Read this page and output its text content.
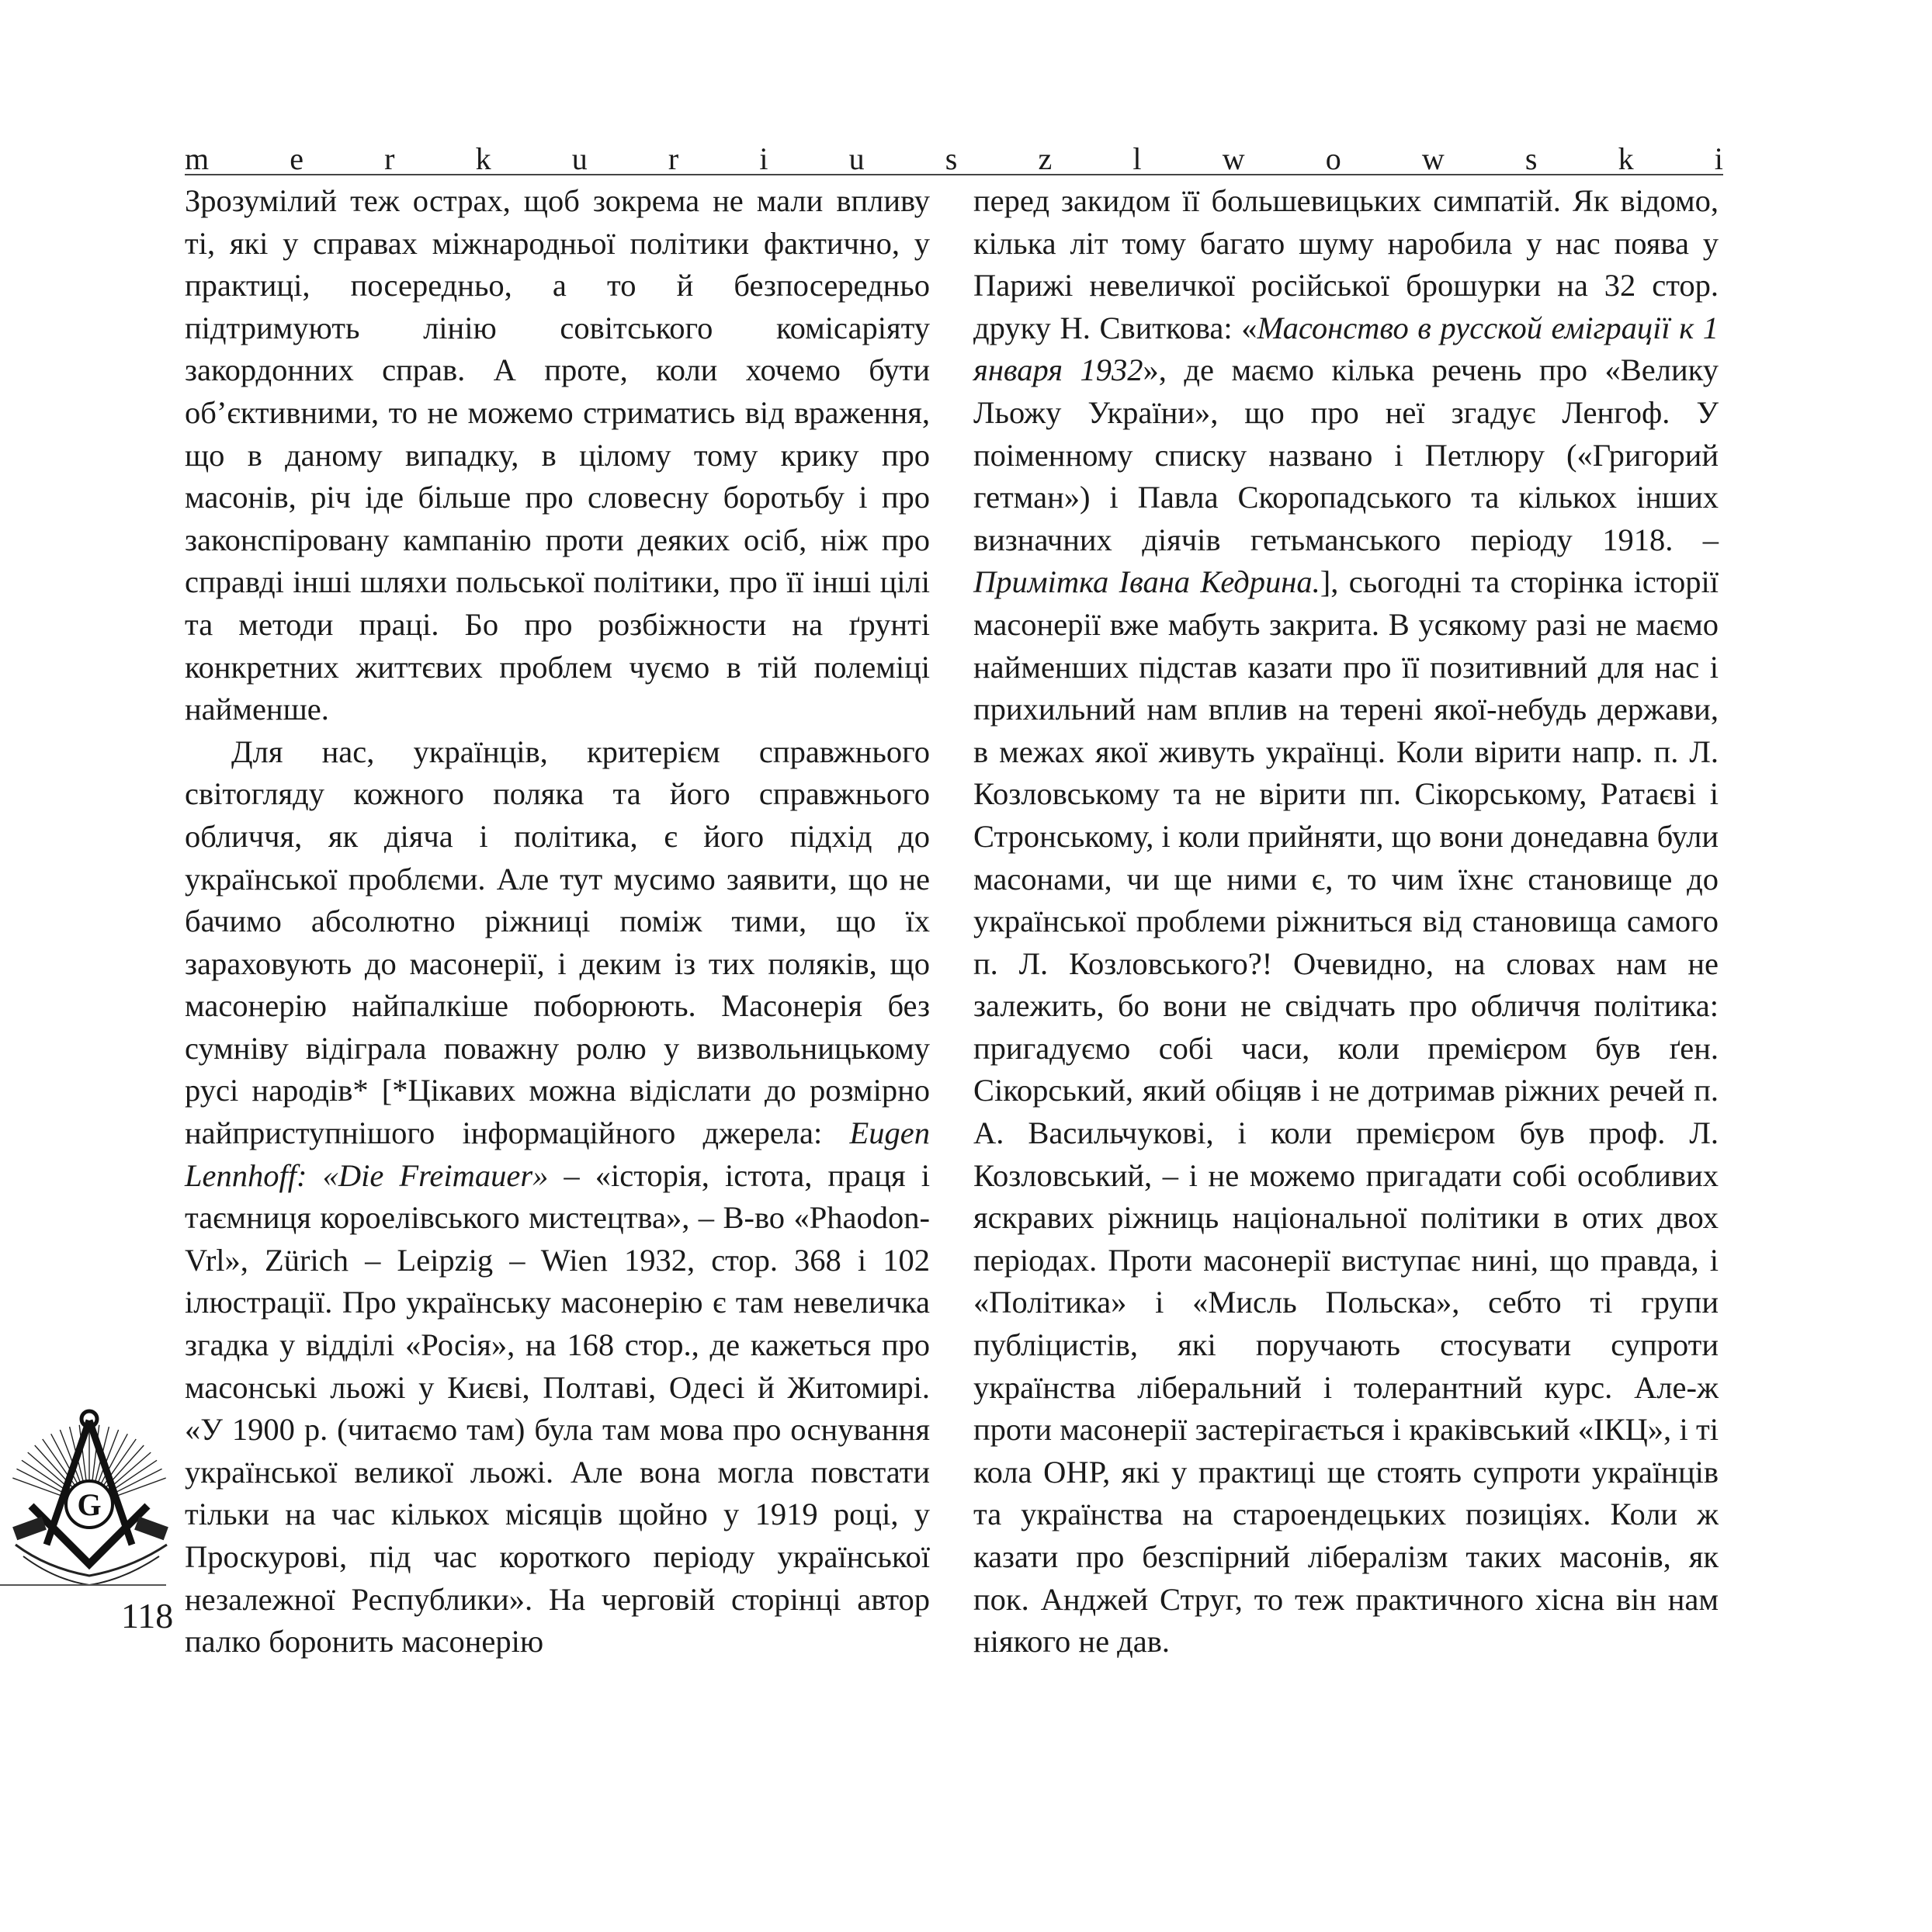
m	e	r	k	u	r	i	u	s	z	l	w	o	w	s	k	i

Зрозумілий теж острах, щоб зокрема не мали впливу ті, які у справах міжнародньої політики фактично, у практиці, посередньо, а то й безпосередньо підтримують лінію совітського комісаріяту закордонних справ. А проте, коли хочемо бути об’єктивними, то не можемо стриматись від враження, що в даному випадку, в цілому тому крику про масонів, річ іде більше про словесну боротьбу і про законспіровану кампанію проти деяких осіб, ніж про справді інші шляхи польської політики, про її інші цілі та методи праці. Бо про розбіжности на ґрунті конкретних життєвих проблем чуємо в тій полеміці найменше.

Для нас, українців, критерієм справжнього світогляду кожного поляка та його справжнього обличчя, як діяча і політика, є його підхід до української проблєми. Але тут мусимо заявити, що не бачимо абсолютно ріжниці поміж тими, що їх зараховують до масонерії, і деким із тих поляків, що масонерію найпалкіше поборюють. Масонерія без сумніву відіграла поважну ролю у визвольницькому русі народів* [*Цікавих можна відіслати до розмірно найприступнішого інформаційного джерела: Eugen Lennhoff: «Die Freimauer» – «історія, істота, праця і таємниця короелівського мистецтва», – В-во «Phaodon-Vrl», Zürich – Leipzig – Wien 1932, стор. 368 і 102 ілюстрації. Про українську масонерію є там невеличка згадка у відділі «Росія», на 168 стор., де кажеться про масонські льожі у Києві, Полтаві, Одесі й Житомирі. «У 1900 р. (читаємо там) була там мова про оснування української великої льожі. Але вона могла повстати тільки на час кількох місяців щойно у 1919 році, у Проскурові, під час короткого періоду української незалежної Республики». На черговій сторінці автор палко боронить масонерію

перед закидом її большевицьких симпатій. Як відомо, кілька літ тому багато шуму наробила у нас поява у Парижі невеличкої російської брошурки на 32 стор. друку Н. Свиткова: «Масонство в русской еміграції к 1 января 1932», де маємо кілька речень про «Велику Льожу України», що про неї згадує Ленгоф. У поіменному списку названо і Петлюру («Григорий гетман») і Павла Скоропадського та кількох інших визначних діячів гетьманського періоду 1918. – Примітка Івана Кедрина.], сьогодні та сторінка історії масонерії вже мабуть закрита. В усякому разі не маємо найменших підстав казати про її позитивний для нас і прихильний нам вплив на терені якої-небудь держави, в межах якої живуть українці. Коли вірити напр. п. Л. Козловському та не вірити пп. Сікорському, Ратаєві і Стронському, і коли прийняти, що вони донедавна були масонами, чи ще ними є, то чим їхнє становище до української проблеми ріжниться від становища самого п. Л. Козловського?! Очевидно, на словах нам не залежить, бо вони не свідчать про обличчя політика: пригадуємо собі часи, коли премієром був ґен. Сікорський, який обіцяв і не дотримав ріжних речей п. А. Васильчукові, і коли премієром був проф. Л. Козловський, – і не можемо пригадати собі особливих яскравих ріжниць національної політики в отих двох періодах. Проти масонерії виступає нині, що правда, і «Політика» і «Мисль Польска», себто ті групи публіцистів, які поручають стосувати супроти українства ліберальний і толерантний курс. Але-ж проти масонерії застерігається і краківський «ІКЦ», і ті кола ОНР, які у практиці ще стоять супроти українців та українства на староендецьких позиціях. Коли ж казати про безспірний лібералізм таких масонів, як пок. Анджей Струг, то теж практичного хісна він нам ніякого не дав.

G
118
